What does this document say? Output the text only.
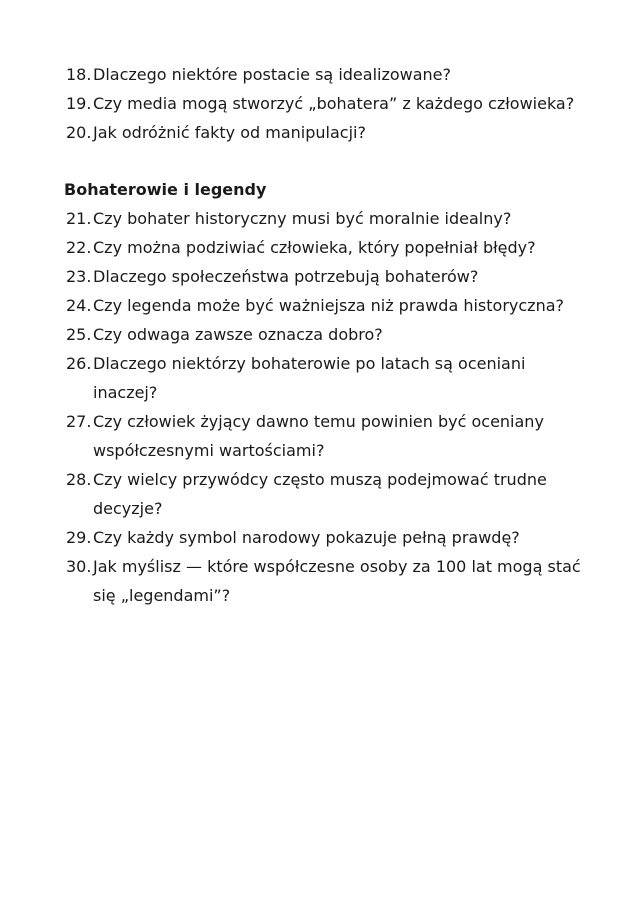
18. Dlaczego niektóre postacie są idealizowane?
19. Czy media mogą stworzyć „bohatera” z każdego człowieka?
20. Jak odróżnić fakty od manipulacji?
Bohaterowie i legendy
21. Czy bohater historyczny musi być moralnie idealny?
22. Czy można podziwiać człowieka, który popełniał błędy?
23. Dlaczego społeczeństwa potrzebują bohaterów?
24. Czy legenda może być ważniejsza niż prawda historyczna?
25. Czy odwaga zawsze oznacza dobro?
26. Dlaczego niektórzy bohaterowie po latach są oceniani inaczej?
27. Czy człowiek żyjący dawno temu powinien być oceniany współczesnymi wartościami?
28. Czy wielcy przywódcy często muszą podejmować trudne decyzje?
29. Czy każdy symbol narodowy pokazuje pełną prawdę?
30. Jak myślisz — które współczesne osoby za 100 lat mogą stać się „legendami”?
